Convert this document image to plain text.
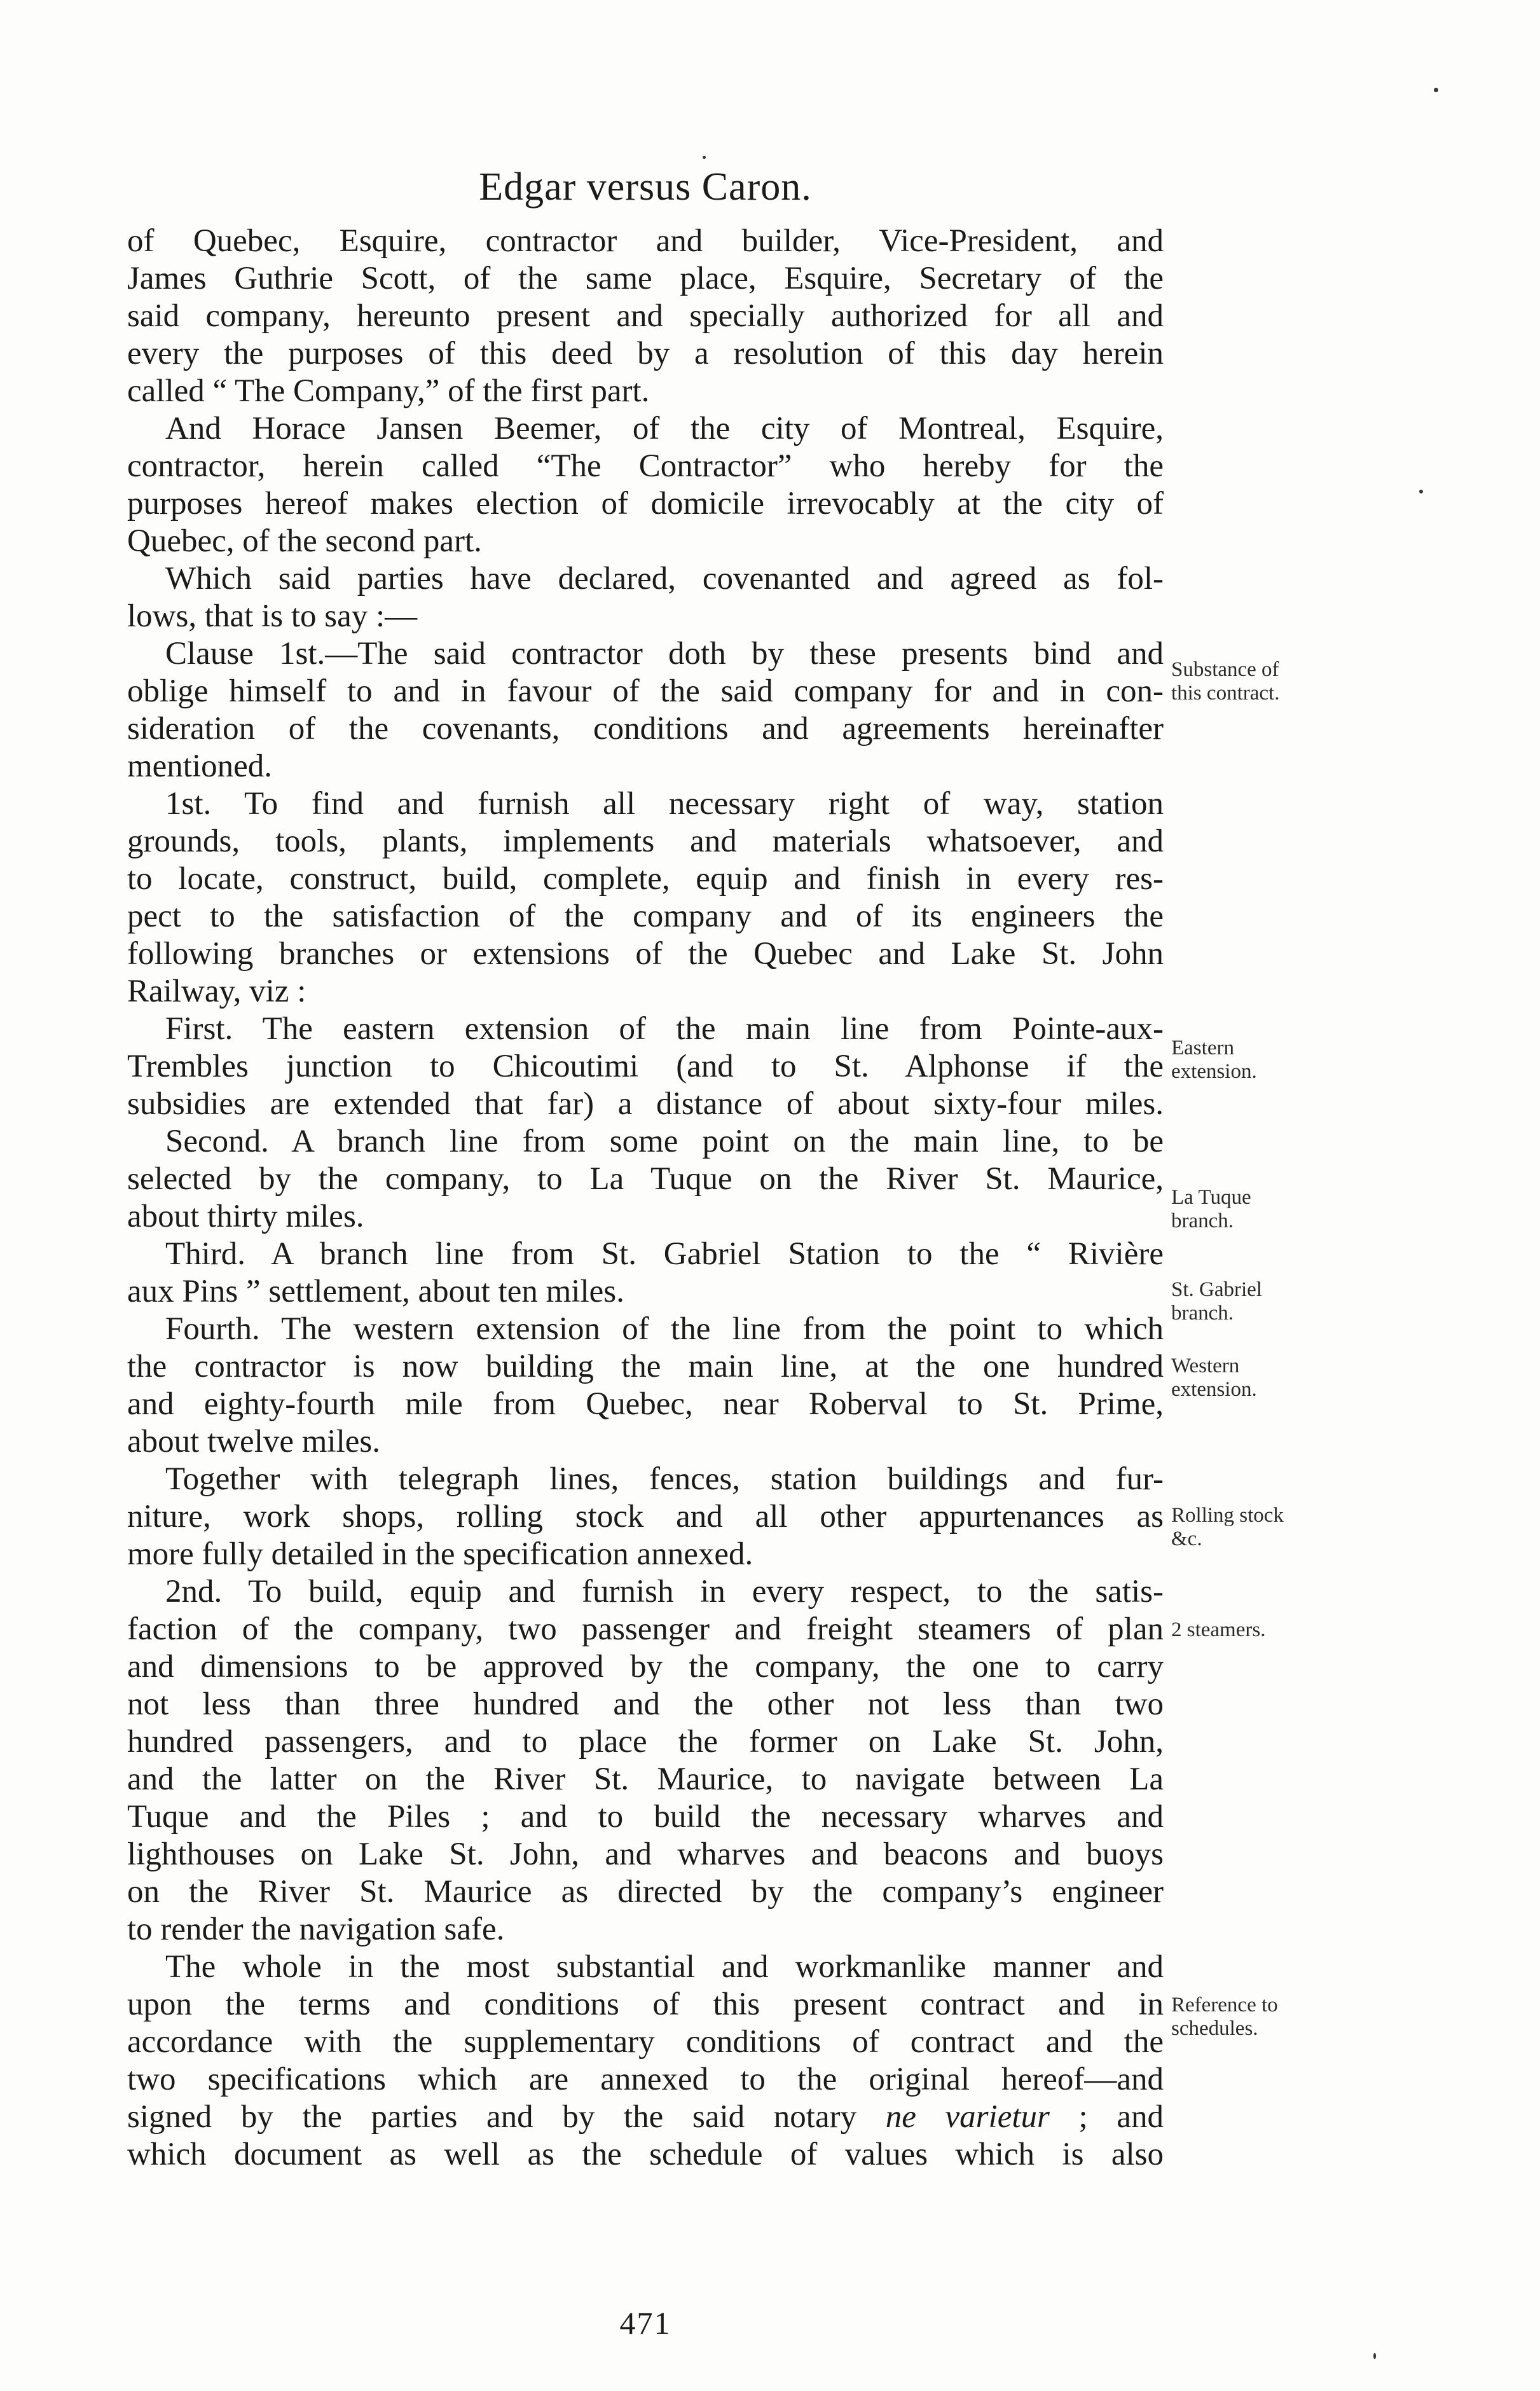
Edgar versus Caron.
of Quebec, Esquire, contractor and builder, Vice-President, and
James Guthrie Scott, of the same place, Esquire, Secretary of the
said company, hereunto present and specially authorized for all and
every the purposes of this deed by a resolution of this day herein
called “ The Company,” of the first part.
And Horace Jansen Beemer, of the city of Montreal, Esquire,
contractor, herein called “The Contractor” who hereby for the
purposes hereof makes election of domicile irrevocably at the city of
Quebec, of the second part.
Which said parties have declared, covenanted and agreed as fol-
lows, that is to say :—
Clause 1st.—The said contractor doth by these presents bind and
oblige himself to and in favour of the said company for and in con-
sideration of the covenants, conditions and agreements hereinafter
mentioned.
1st. To find and furnish all necessary right of way, station
grounds, tools, plants, implements and materials whatsoever, and
to locate, construct, build, complete, equip and finish in every res-
pect to the satisfaction of the company and of its engineers the
following branches or extensions of the Quebec and Lake St. John
Railway, viz :
First. The eastern extension of the main line from Pointe-aux-
Trembles junction to Chicoutimi (and to St. Alphonse if the
subsidies are extended that far) a distance of about sixty-four miles.
Second. A branch line from some point on the main line, to be
selected by the company, to La Tuque on the River St. Maurice,
about thirty miles.
Third. A branch line from St. Gabriel Station to the “ Rivière
aux Pins ” settlement, about ten miles.
Fourth. The western extension of the line from the point to which
the contractor is now building the main line, at the one hundred
and eighty-fourth mile from Quebec, near Roberval to St. Prime,
about twelve miles.
Together with telegraph lines, fences, station buildings and fur-
niture, work shops, rolling stock and all other appurtenances as
more fully detailed in the specification annexed.
2nd. To build, equip and furnish in every respect, to the satis-
faction of the company, two passenger and freight steamers of plan
and dimensions to be approved by the company, the one to carry
not less than three hundred and the other not less than two
hundred passengers, and to place the former on Lake St. John,
and the latter on the River St. Maurice, to navigate between La
Tuque and the Piles ; and to build the necessary wharves and
lighthouses on Lake St. John, and wharves and beacons and buoys
on the River St. Maurice as directed by the company’s engineer
to render the navigation safe.
The whole in the most substantial and workmanlike manner and
upon the terms and conditions of this present contract and in
accordance with the supplementary conditions of contract and the
two specifications which are annexed to the original hereof—and
signed by the parties and by the said notary ne varietur ; and
which document as well as the schedule of values which is also
Substance of
this contract.
Eastern
extension.
La Tuque
branch.
St. Gabriel
branch.
Western
extension.
Rolling stock
&c.
2 steamers.
Reference to
schedules.
471
